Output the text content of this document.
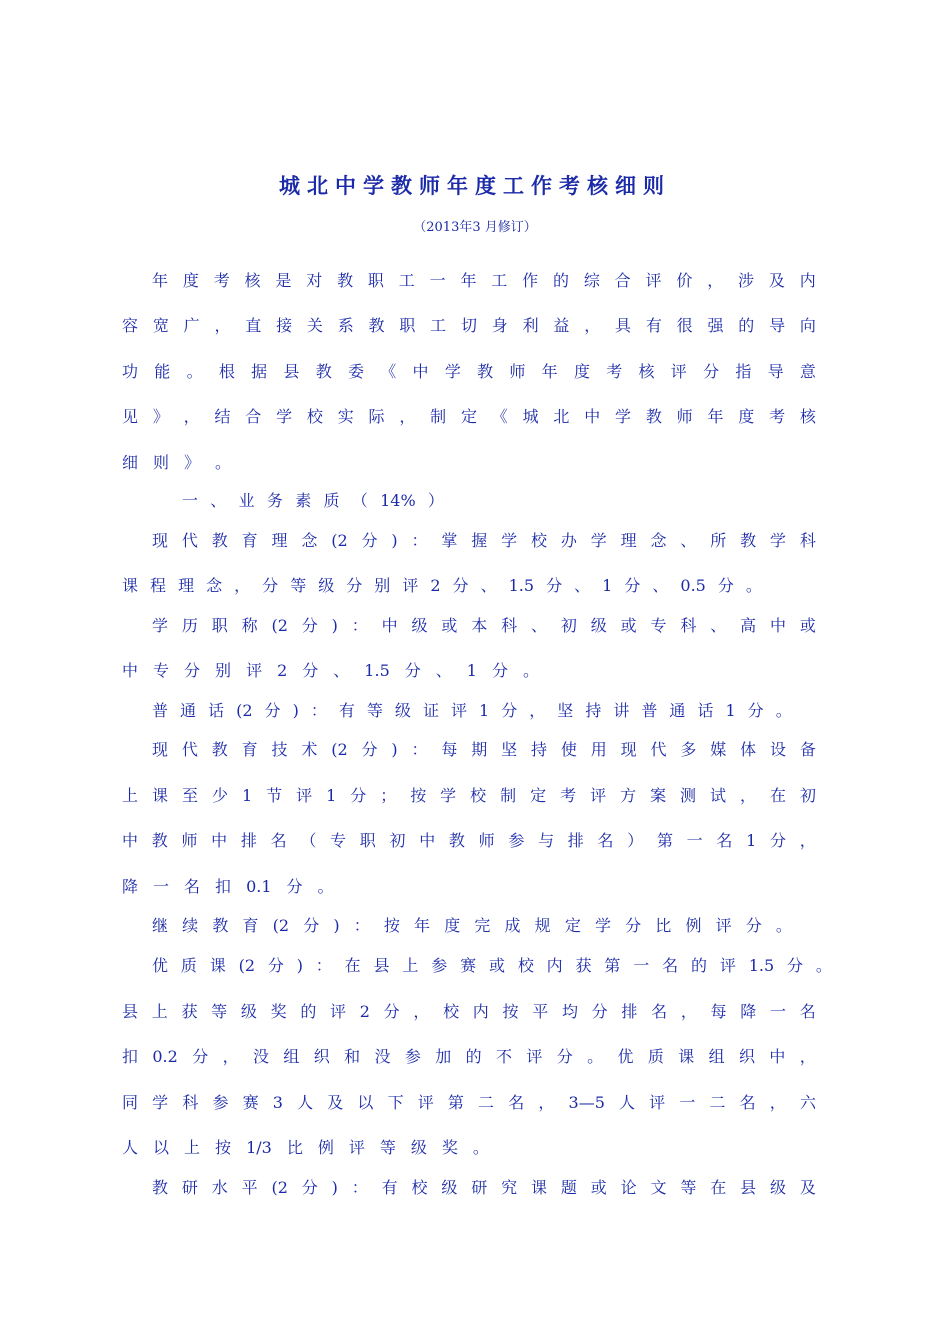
城北中学教师年度工作考核细则
（2013年3 月修订）
年 度 考 核 是 对 教 职 工 一 年 工 作 的 综 合 评 价 ， 涉 及 内
容 宽 广 ， 直 接 关 系 教 职 工 切 身 利 益 ， 具 有 很 强 的 导 向
功 能 。 根 据 县 教 委 《 中 学 教 师 年 度 考 核 评 分 指 导 意
见 》 ， 结 合 学 校 实 际 ， 制 定 《 城 北 中 学 教 师 年 度 考 核
细 则 》 。
一 、 业 务 素 质 （ 14% ）
现 代 教 育 理 念 (2 分 ) ： 掌 握 学 校 办 学 理 念 、 所 教 学 科
课 程 理 念 ， 分 等 级 分 别 评 2 分 、 1.5 分 、 1 分 、 0.5 分 。
学 历 职 称 (2 分 ) ： 中 级 或 本 科 、 初 级 或 专 科 、 高 中 或
中 专 分 别 评 2 分 、 1.5 分 、 1 分 。
普 通 话 (2 分 ) ： 有 等 级 证 评 1 分 ， 坚 持 讲 普 通 话 1 分 。
现 代 教 育 技 术 (2 分 ) ： 每 期 坚 持 使 用 现 代 多 媒 体 设 备
上 课 至 少 1 节 评 1 分 ； 按 学 校 制 定 考 评 方 案 测 试 ， 在 初
中 教 师 中 排 名 （ 专 职 初 中 教 师 参 与 排 名 ） 第 一 名 1 分 ，
降 一 名 扣 0.1 分 。
继 续 教 育 (2 分 ) ： 按 年 度 完 成 规 定 学 分 比 例 评 分 。
优 质 课 (2 分 ) ： 在 县 上 参 赛 或 校 内 获 第 一 名 的 评 1.5 分 。
县 上 获 等 级 奖 的 评 2 分 ， 校 内 按 平 均 分 排 名 ， 每 降 一 名
扣 0.2 分 ， 没 组 织 和 没 参 加 的 不 评 分 。 优 质 课 组 织 中 ，
同 学 科 参 赛 3 人 及 以 下 评 第 二 名 ， 3—5 人 评 一 二 名 ， 六
人 以 上 按 1/3 比 例 评 等 级 奖 。
教 研 水 平 (2 分 ) ： 有 校 级 研 究 课 题 或 论 文 等 在 县 级 及
